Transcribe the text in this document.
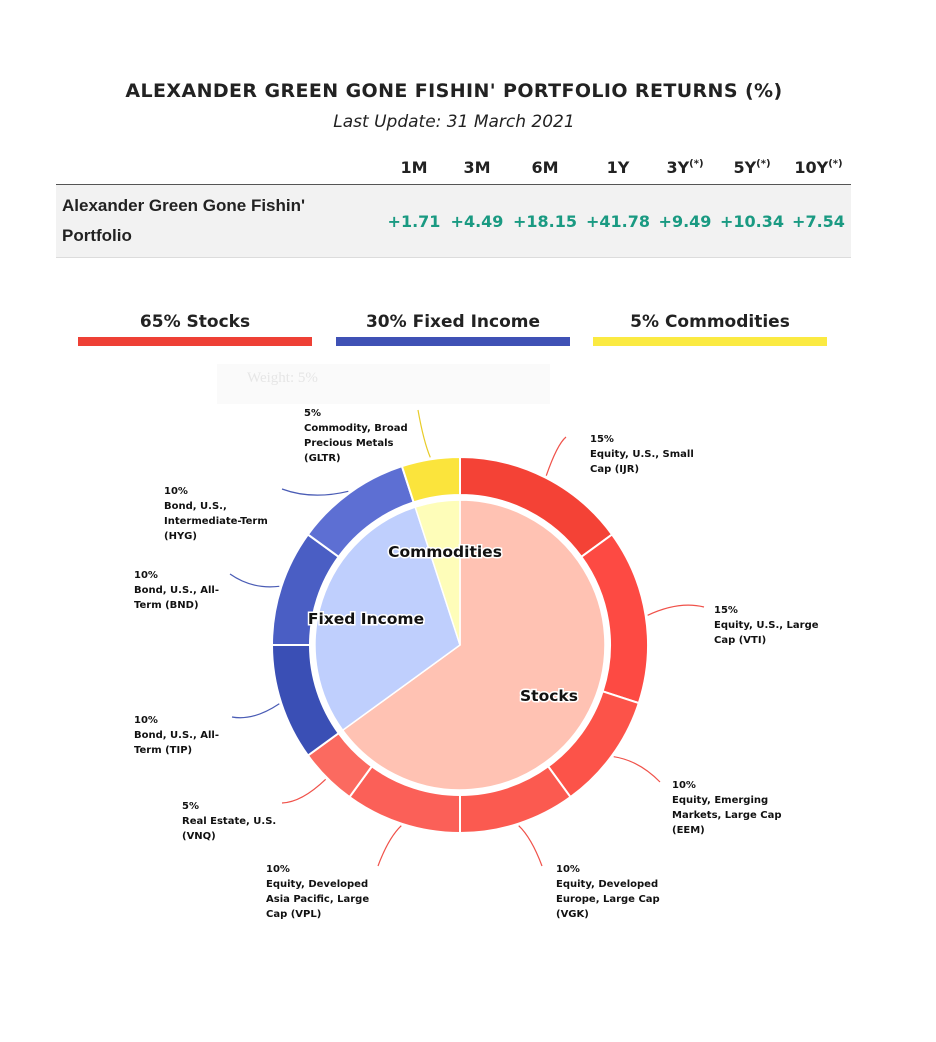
ALEXANDER GREEN GONE FISHIN' PORTFOLIO RETURNS (%)
Last Update: 31 March 2021
	1M	3M	6M	1Y	3Y(*)	5Y(*)	10Y(*)
Alexander Green Gone Fishin'
Portfolio	+1.71	+4.49	+18.15	+41.78	+9.49	+10.34	+7.54
65% Stocks	30% Fixed Income	5% Commodities
Weight: 5%
Stocks
Fixed Income
Commodities
15% Equity, U.S., Small Cap (IJR)
15% Equity, U.S., Large Cap (VTI)
10% Equity, Emerging Markets, Large Cap (EEM)
10% Equity, Developed Europe, Large Cap (VGK)
10% Equity, Developed Asia Pacific, Large Cap (VPL)
5% Real Estate, U.S. (VNQ)
10% Bond, U.S., All-Term (TIP)
10% Bond, U.S., All-Term (BND)
10% Bond, U.S., Intermediate-Term (HYG)
5% Commodity, Broad Precious Metals (GLTR)
